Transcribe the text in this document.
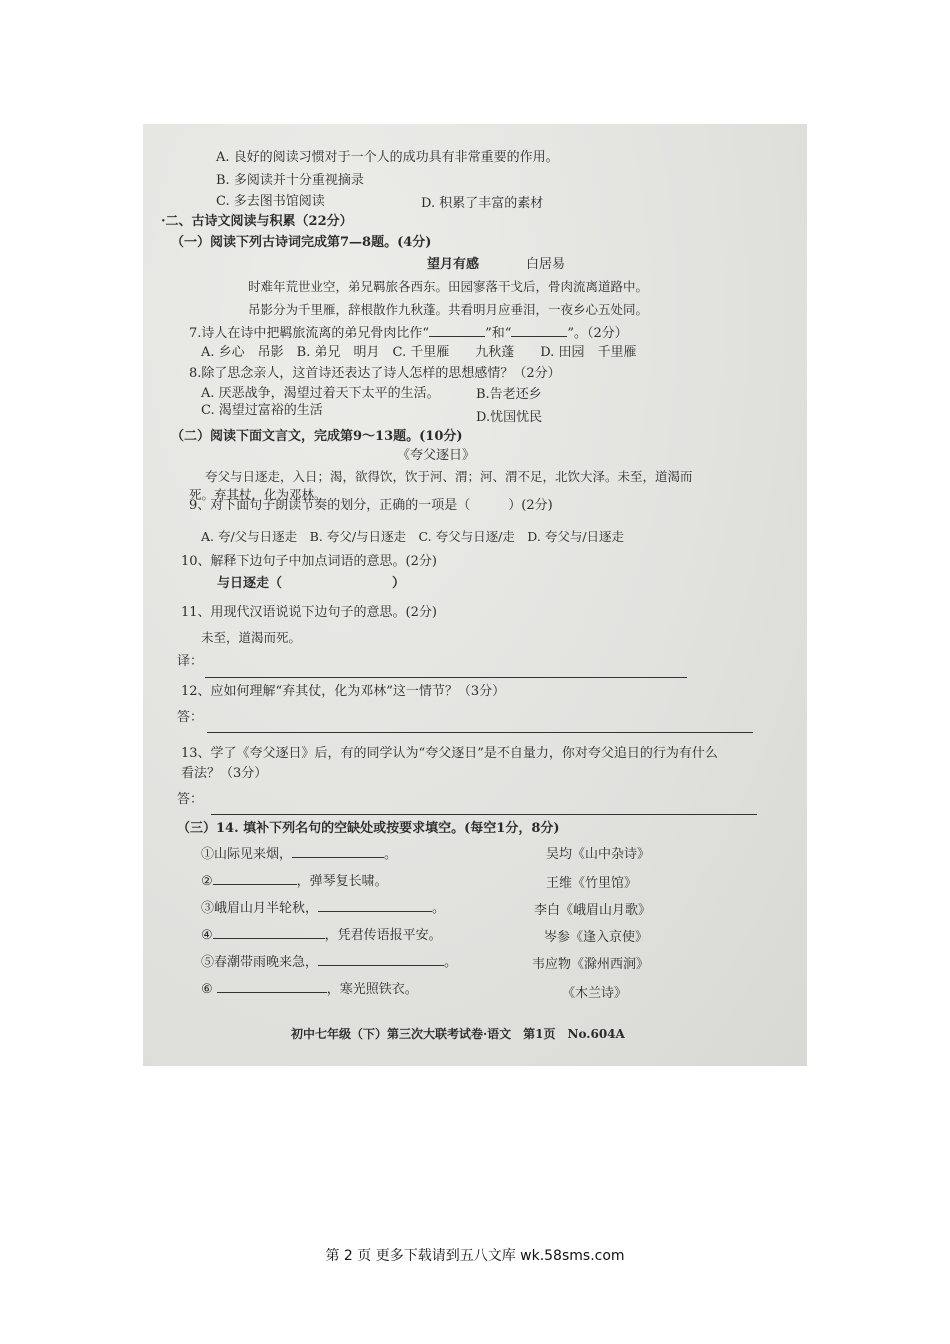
A. 良好的阅读习惯对于一个人的成功具有非常重要的作用。
B. 多阅读并十分重视摘录
C. 多去图书馆阅读	D. 积累了丰富的素材
·二、古诗文阅读与积累（22分）
（一）阅读下列古诗词完成第7—8题。(4分)
望月有感	白居易
时难年荒世业空，弟兄羁旅各西东。田园寥落干戈后，骨肉流离道路中。
吊影分为千里雁，辞根散作九秋蓬。共看明月应垂泪，一夜乡心五处同。
7.诗人在诗中把羁旅流离的弟兄骨肉比作“	”和“	”。（2分）
A. 乡心　吊影　B. 弟兄　明月　C. 千里雁　　九秋蓬　　D. 田园　千里雁
8.除了思念亲人，这首诗还表达了诗人怎样的思想感情？（2分）
A. 厌恶战争，渴望过着天下太平的生活。	B.告老还乡
C. 渴望过富裕的生活	D.忧国忧民
（二）阅读下面文言文，完成第9～13题。(10分)
《夸父逐日》
夸父与日逐走，入日；渴，欲得饮，饮于河、渭；河、渭不足，北饮大泽。未至，道渴而
死。弃其杖，化为邓林。
9、对下面句子朗读节奏的划分，正确的一项是（	）(2分)
A. 夸/父与日逐走　B. 夸父/与日逐走　C. 夸父与日逐/走　D. 夸父与/日逐走
10、解释下边句子中加点词语的意思。(2分)
与日逐走（	）
11、用现代汉语说说下边句子的意思。(2分)
未至，道渴而死。
译：
12、应如何理解“弃其仗，化为邓林”这一情节？（3分）
答：
13、学了《夸父逐日》后，有的同学认为“夸父逐日”是不自量力，你对夸父追日的行为有什么
看法？（3分）
答：
（三）14. 填补下列名句的空缺处或按要求填空。(每空1分，8分)
①山际见来烟，	。	吴均《山中杂诗》
②	，弹琴复长啸。	王维《竹里馆》
③峨眉山月半轮秋，	。	李白《峨眉山月歌》
④	，凭君传语报平安。	岑参《逢入京使》
⑤春潮带雨晚来急，	。	韦应物《滁州西涧》
⑥	，寒光照铁衣。	《木兰诗》
初中七年级（下）第三次大联考试卷·语文　第1页　No.604A
第 2 页 更多下载请到五八文库 wk.58sms.com
